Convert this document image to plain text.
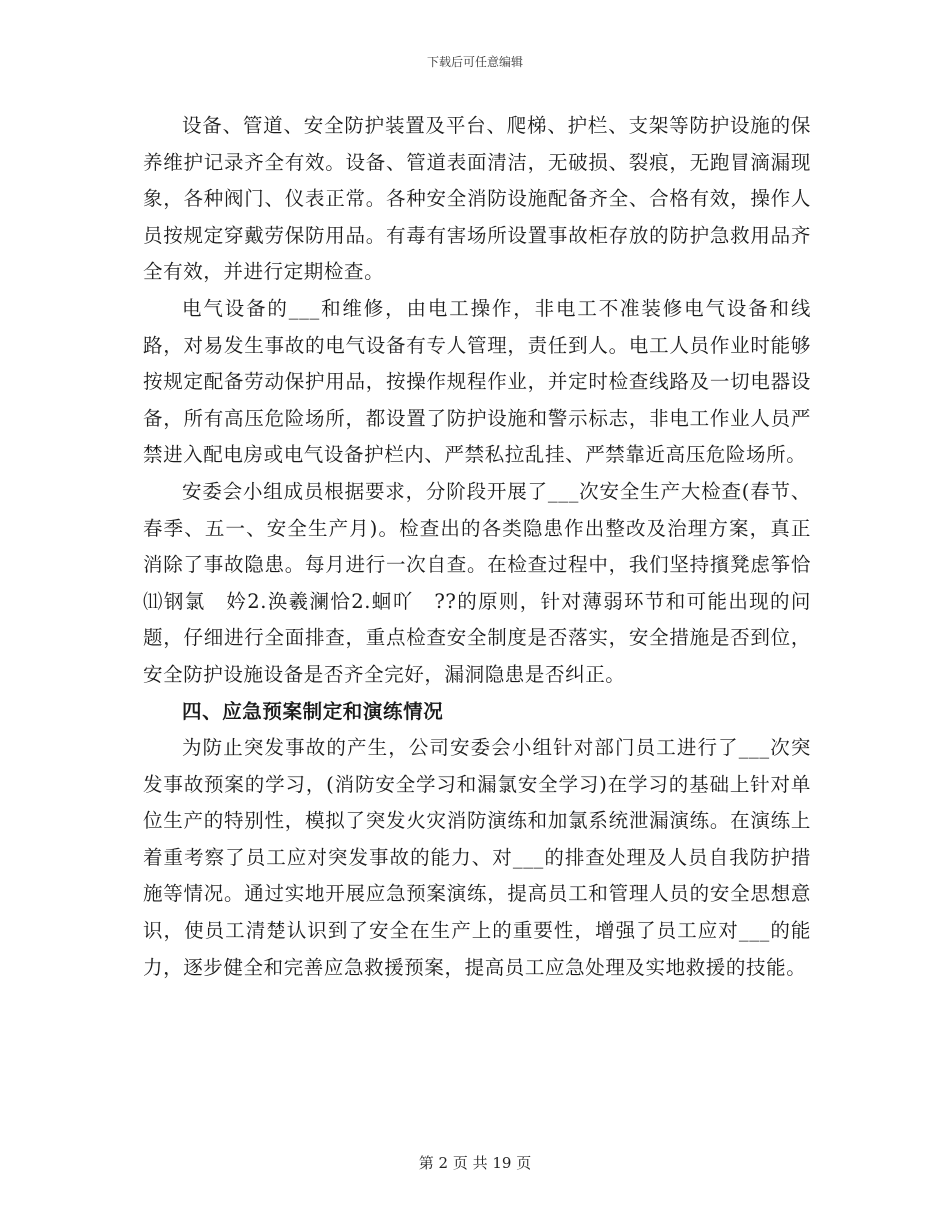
下载后可任意编辑

设备、管道、安全防护装置及平台、爬梯、护栏、支架等防护设施的保养维护记录齐全有效。设备、管道表面清洁，无破损、裂痕，无跑冒滴漏现象，各种阀门、仪表正常。各种安全消防设施配备齐全、合格有效，操作人员按规定穿戴劳保防用品。有毒有害场所设置事故柜存放的防护急救用品齐全有效，并进行定期检查。

电气设备的___和维修，由电工操作，非电工不准装修电气设备和线路，对易发生事故的电气设备有专人管理，责任到人。电工人员作业时能够按规定配备劳动保护用品，按操作规程作业，并定时检查线路及一切电器设备，所有高压危险场所，都设置了防护设施和警示标志，非电工作业人员严禁进入配电房或电气设备护栏内、严禁私拉乱挂、严禁靠近高压危险场所。

安委会小组成员根据要求，分阶段开展了___次安全生产大检查(春节、春季、五一、安全生产月)。检查出的各类隐患作出整改及治理方案，真正消除了事故隐患。每月进行一次自查。在检查过程中，我们坚持擯凳虑筝恰⑾钢氯　妗2.涣羲澜恰2.蛔吖　??的原则，针对薄弱环节和可能出现的问题，仔细进行全面排查，重点检查安全制度是否落实，安全措施是否到位，安全防护设施设备是否齐全完好，漏洞隐患是否纠正。

四、应急预案制定和演练情况

为防止突发事故的产生，公司安委会小组针对部门员工进行了___次突发事故预案的学习，(消防安全学习和漏氯安全学习)在学习的基础上针对单位生产的特别性，模拟了突发火灾消防演练和加氯系统泄漏演练。在演练上着重考察了员工应对突发事故的能力、对___的排查处理及人员自我防护措施等情况。通过实地开展应急预案演练，提高员工和管理人员的安全思想意识，使员工清楚认识到了安全在生产上的重要性，增强了员工应对___的能力，逐步健全和完善应急救援预案，提高员工应急处理及实地救援的技能。

第 2 页 共 19 页
